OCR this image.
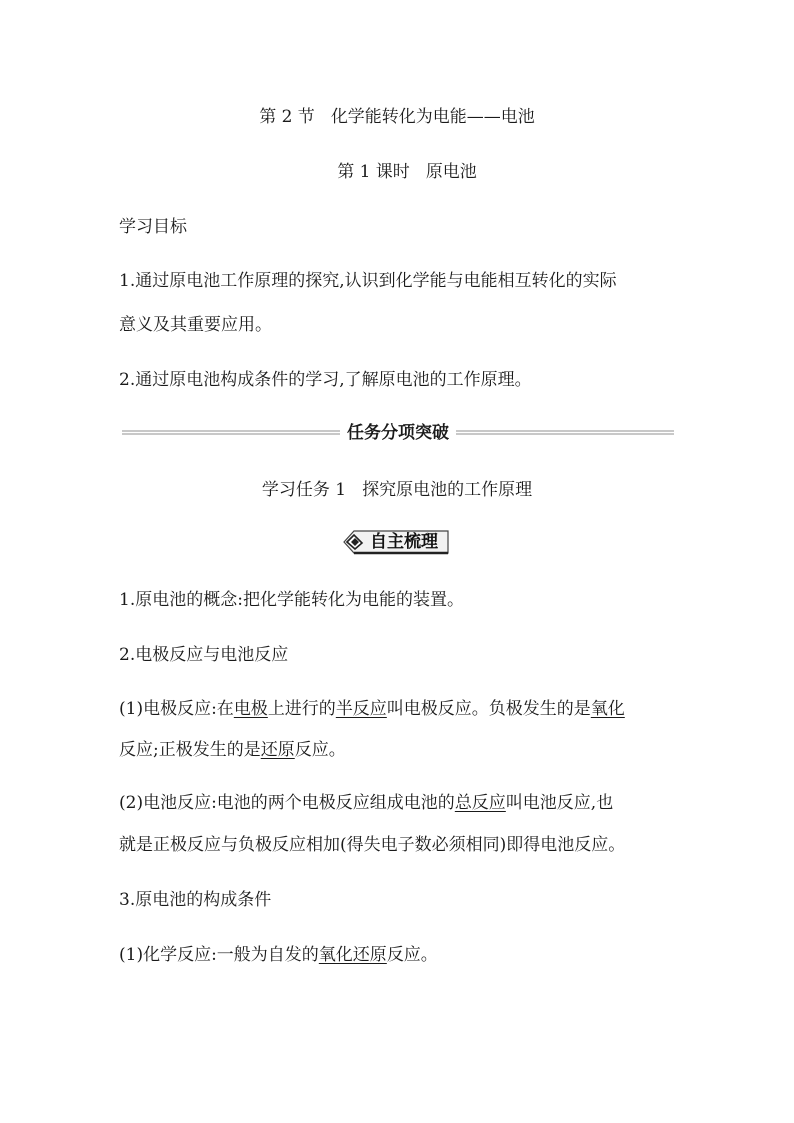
第 2 节 化学能转化为电能——电池
第 1 课时 原电池
学习目标
1.通过原电池工作原理的探究,认识到化学能与电能相互转化的实际
意义及其重要应用。
2.通过原电池构成条件的学习,了解原电池的工作原理。
任务分项突破
学习任务 1 探究原电池的工作原理
自主梳理
1.原电池的概念:把化学能转化为电能的装置。
2.电极反应与电池反应
(1)电极反应:在电极上进行的半反应叫电极反应。负极发生的是氧化
反应;正极发生的是还原反应。
(2)电池反应:电池的两个电极反应组成电池的总反应叫电池反应,也
就是正极反应与负极反应相加(得失电子数必须相同)即得电池反应。
3.原电池的构成条件
(1)化学反应:一般为自发的氧化还原反应。
